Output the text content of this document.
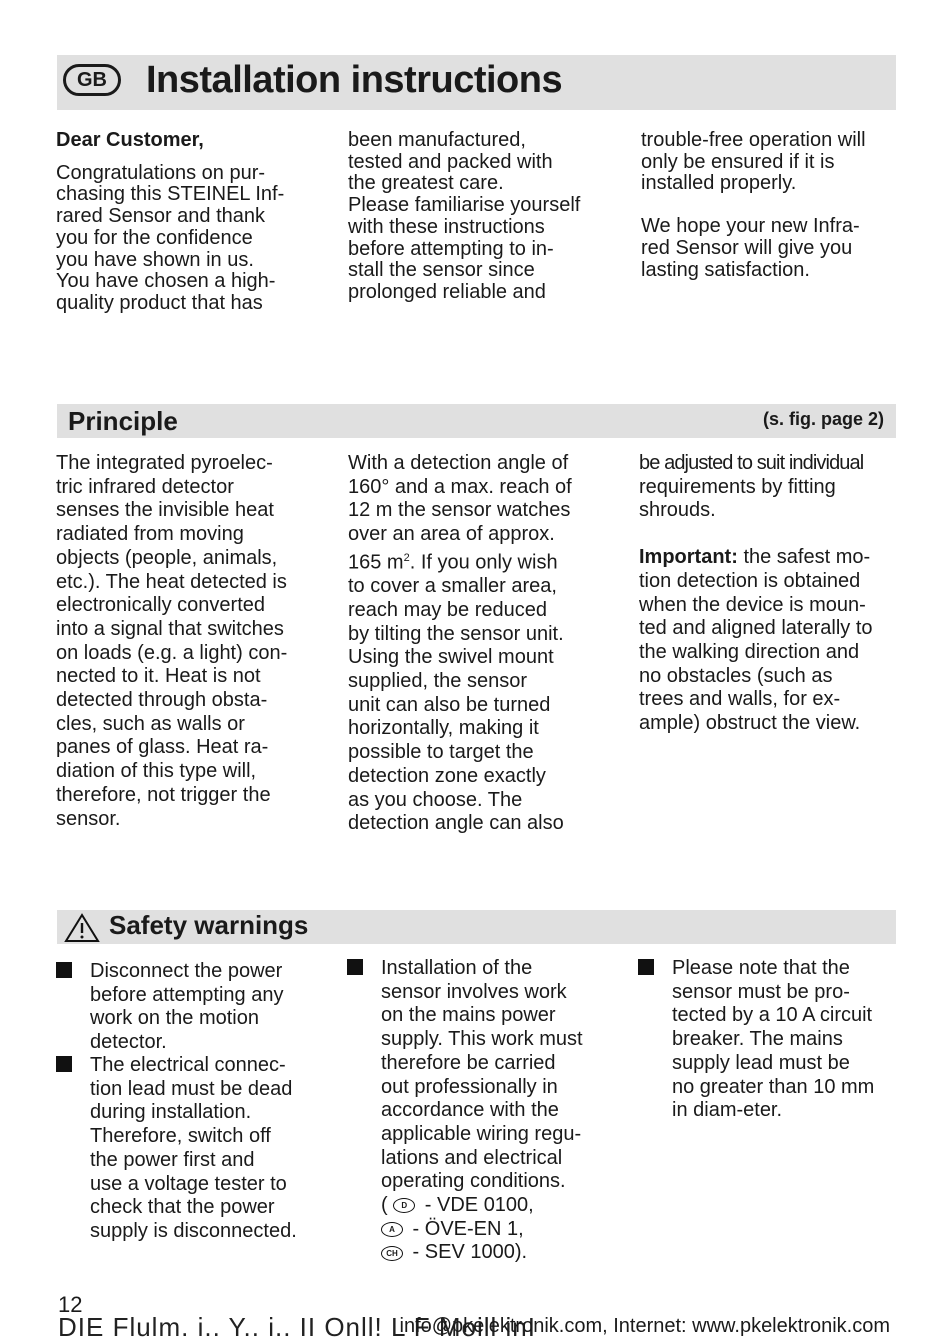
GB	Installation instructions

Dear Customer,

Congratulations on pur-
chasing this STEINEL Inf-
rared Sensor and thank
you for the confidence
you have shown in us.
You have chosen a high-
quality product that has

been manufactured,
tested and packed with
the greatest care.
Please familiarise yourself
with these instructions
before attempting to in-
stall the sensor since
prolonged reliable and

trouble-free operation will
only be ensured if it is
installed properly.

We hope your new Infra-
red Sensor will give you
lasting satisfaction.

Principle	(s. fig. page 2)

The integrated pyroelec-
tric infrared detector
senses the invisible heat
radiated from moving
objects (people, animals,
etc.). The heat detected is
electronically converted
into a signal that switches
on loads (e.g. a light) con-
nected to it. Heat is not
detected through obsta-
cles, such as walls or
panes of glass. Heat ra-
diation of this type will,
therefore, not trigger the
sensor.

With a detection angle of
160° and a max. reach of
12 m the sensor watches
over an area of approx.
165 $m^2$. If you only wish
to cover a smaller area,
reach may be reduced
by tilting the sensor unit.
Using the swivel mount
supplied, the sensor
unit can also be turned
horizontally, making it
possible to target the
detection zone exactly
as you choose. The
detection angle can also

be adjusted to suit individual
requirements by fitting
shrouds.

Important: the safest mo-
tion detection is obtained
when the device is moun-
ted and aligned laterally to
the walking direction and
no obstacles (such as
trees and walls, for ex-
ample) obstruct the view.

Safety warnings
Disconnect the power
before attempting any
work on the motion
detector.
The electrical connec-
tion lead must be dead
during installation.
Therefore, switch off
the power first and
use a voltage tester to
check that the power
supply is disconnected.
Installation of the
sensor involves work
on the mains power
supply. This work must
therefore be carried
out professionally in
accordance with the
applicable wiring regu-
lations and electrical
operating conditions.
( D - VDE 0100,
A - ÖVE-EN 1,
CH - SEV 1000).
Please note that the
sensor must be pro-
tected by a 10 A circuit
breaker. The mains
supply lead must be
no greater than 10 mm
in diam-eter.
12
DIE Flulm. i.. Y.. i.. II Onll! L F Moill inI
info@pkelektronik.com, Internet: www.pkelektronik.com
